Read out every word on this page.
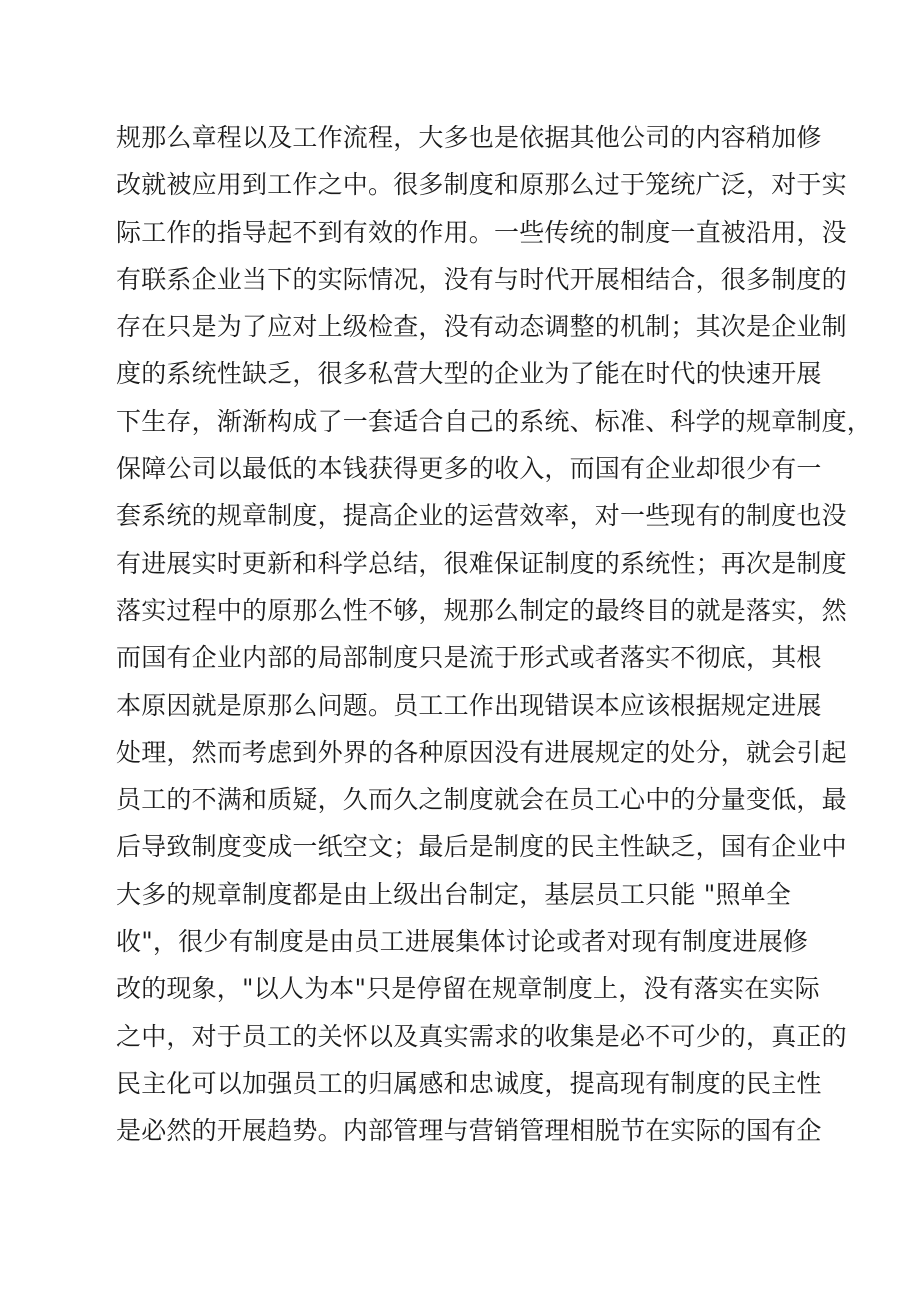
规那么章程以及工作流程，大多也是依据其他公司的内容稍加修
改就被应用到工作之中。很多制度和原那么过于笼统广泛，对于实
际工作的指导起不到有效的作用。一些传统的制度一直被沿用，没
有联系企业当下的实际情况，没有与时代开展相结合，很多制度的
存在只是为了应对上级检查，没有动态调整的机制；其次是企业制
度的系统性缺乏，很多私营大型的企业为了能在时代的快速开展
下生存，渐渐构成了一套适合自己的系统、标准、科学的规章制度，
保障公司以最低的本钱获得更多的收入，而国有企业却很少有一
套系统的规章制度，提高企业的运营效率，对一些现有的制度也没
有进展实时更新和科学总结，很难保证制度的系统性；再次是制度
落实过程中的原那么性不够，规那么制定的最终目的就是落实，然
而国有企业内部的局部制度只是流于形式或者落实不彻底，其根
本原因就是原那么问题。员工工作出现错误本应该根据规定进展
处理，然而考虑到外界的各种原因没有进展规定的处分，就会引起
员工的不满和质疑，久而久之制度就会在员工心中的分量变低，最
后导致制度变成一纸空文；最后是制度的民主性缺乏，国有企业中
大多的规章制度都是由上级出台制定，基层员工只能 "照单全
收"，很少有制度是由员工进展集体讨论或者对现有制度进展修
改的现象，"以人为本"只是停留在规章制度上，没有落实在实际
之中，对于员工的关怀以及真实需求的收集是必不可少的，真正的
民主化可以加强员工的归属感和忠诚度，提高现有制度的民主性
是必然的开展趋势。内部管理与营销管理相脱节在实际的国有企
